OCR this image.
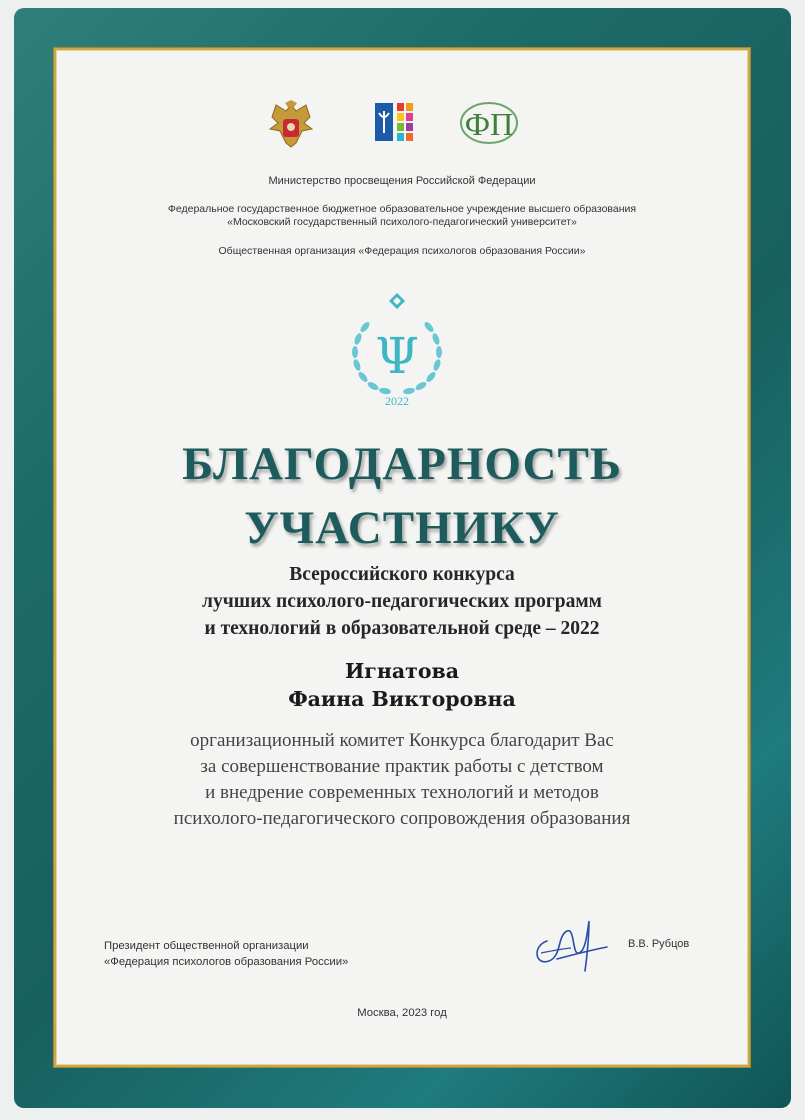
ФП
Министерство просвещения Российской Федерации
Федеральное государственное бюджетное образовательное учреждение высшего образования
«Московский государственный психолого-педагогический университет»
Общественная организация «Федерация психологов образования России»
Ψ
2022
БЛАГОДАРНОСТЬ
УЧАСТНИКУ
Всероссийского конкурса
лучших психолого-педагогических программ
и технологий в образовательной среде – 2022
Игнатова
Фаина Викторовна
организационный комитет Конкурса благодарит Вас
за совершенствование практик работы с детством
и внедрение современных технологий и методов
психолого-педагогического сопровождения образования
Президент общественной организации
«Федерация психологов образования России»
В.В. Рубцов
Москва, 2023 год
